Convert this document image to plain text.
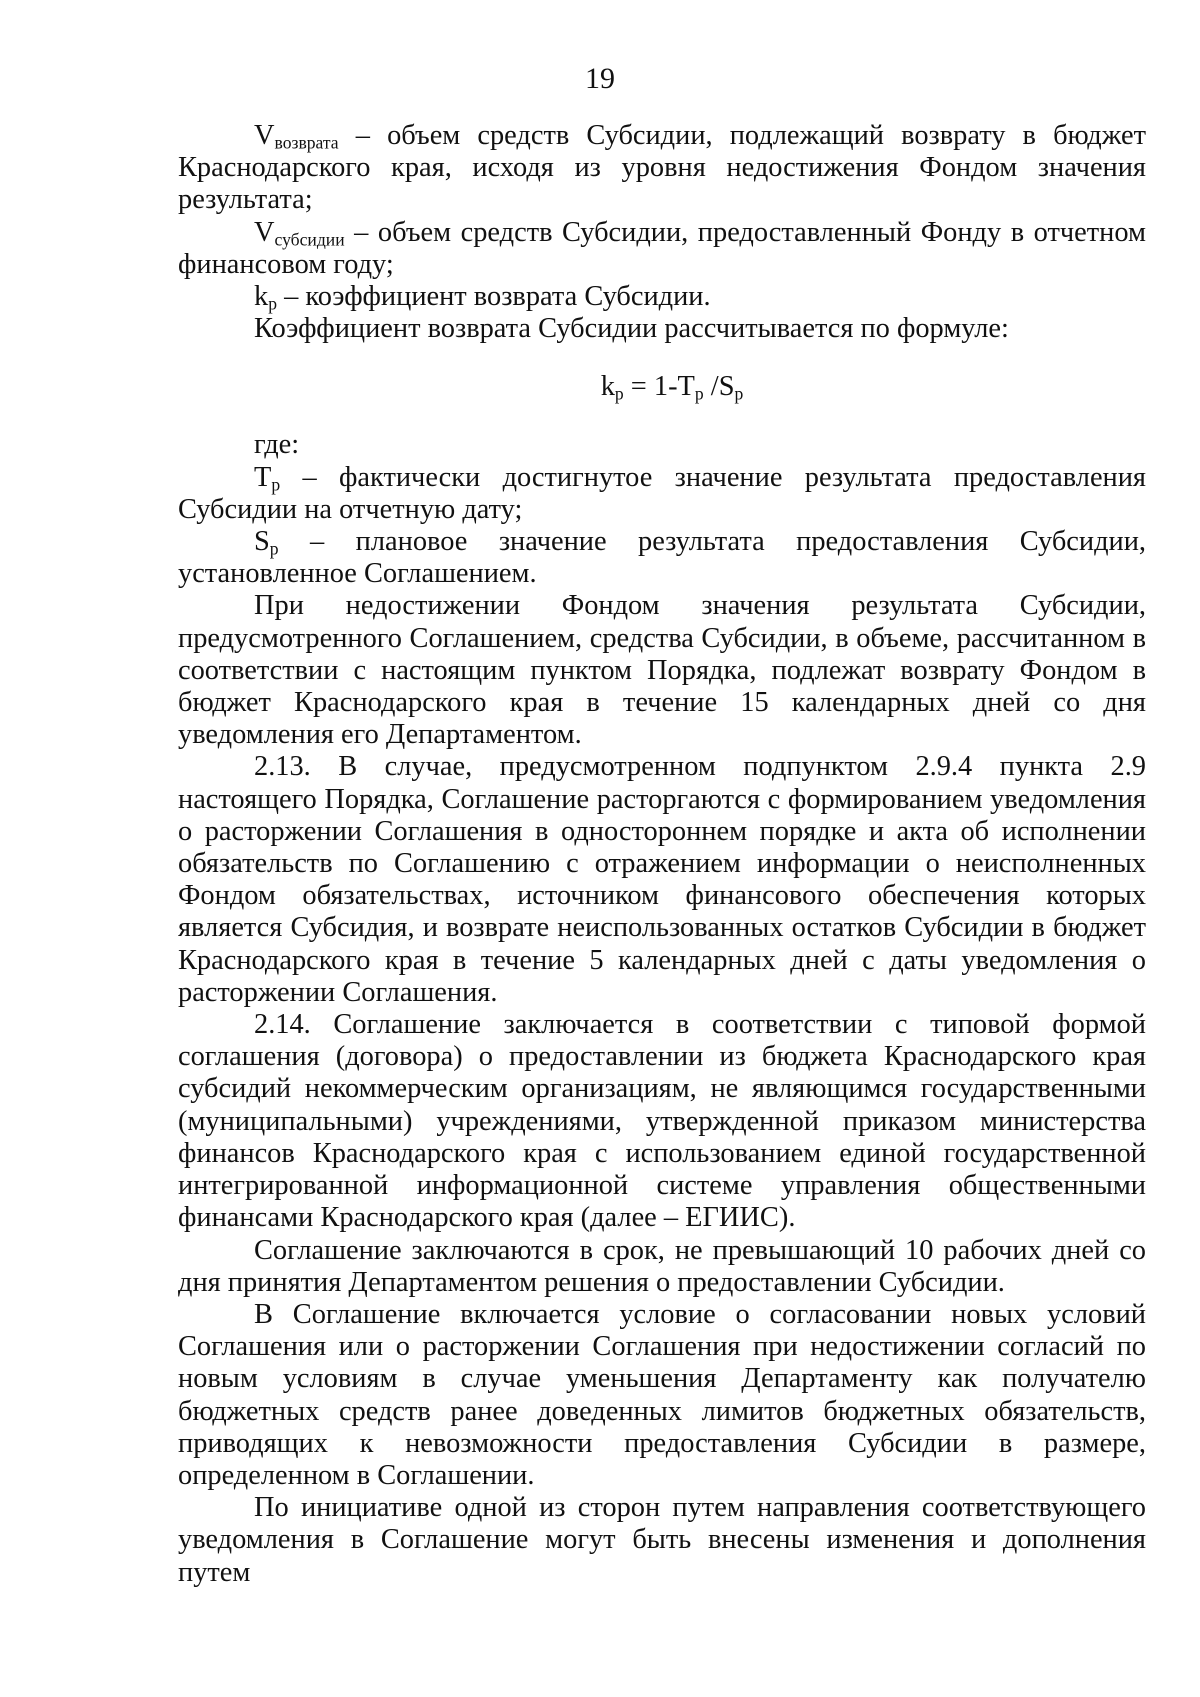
19

$V_{возврата}$ – объем средств Субсидии, подлежащий возврату в бюджет Краснодарского края, исходя из уровня недостижения Фондом значения результата;

$V_{субсидии}$ – объем средств Субсидии, предоставленный Фонду в отчетном финансовом году;

$k_p$ – коэффициент возврата Субсидии.

Коэффициент возврата Субсидии рассчитывается по формуле:

$k_p = 1-T_p$ $/S_p$

где:

$T_p$ – фактически достигнутое значение результата предоставления Субсидии на отчетную дату;

$S_p$ – плановое значение результата предоставления Субсидии, установленное Соглашением.

При недостижении Фондом значения результата Субсидии, предусмотренного Соглашением, средства Субсидии, в объеме, рассчитанном в соответствии с настоящим пунктом Порядка, подлежат возврату Фондом в бюджет Краснодарского края в течение 15 календарных дней со дня уведомления его Департаментом.

2.13. В случае, предусмотренном подпунктом 2.9.4 пункта 2.9 настоящего Порядка, Соглашение расторгаются с формированием уведомления о расторжении Соглашения в одностороннем порядке и акта об исполнении обязательств по Соглашению с отражением информации о неисполненных Фондом обязательствах, источником финансового обеспечения которых является Субсидия, и возврате неиспользованных остатков Субсидии в бюджет Краснодарского края в течение 5 календарных дней с даты уведомления о расторжении Соглашения.

2.14. Соглашение заключается в соответствии с типовой формой соглашения (договора) о предоставлении из бюджета Краснодарского края субсидий некоммерческим организациям, не являющимся государственными (муниципальными) учреждениями, утвержденной приказом министерства финансов Краснодарского края с использованием единой государственной интегрированной информационной системе управления общественными финансами Краснодарского края (далее – ЕГИИС).

Соглашение заключаются в срок, не превышающий 10 рабочих дней со дня принятия Департаментом решения о предоставлении Субсидии.

В Соглашение включается условие о согласовании новых условий Соглашения или о расторжении Соглашения при недостижении согласий по новым условиям в случае уменьшения Департаменту как получателю бюджетных средств ранее доведенных лимитов бюджетных обязательств, приводящих к невозможности предоставления Субсидии в размере, определенном в Соглашении.

По инициативе одной из сторон путем направления соответствующего уведомления в Соглашение могут быть внесены изменения и дополнения путем
